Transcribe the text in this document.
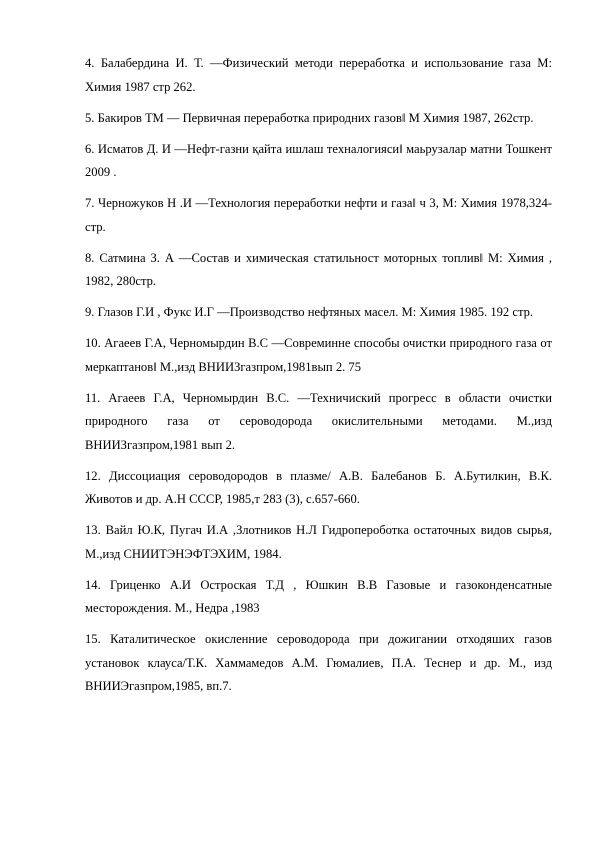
4. Балабердина И. Т. —Физический методи переработка и использование газа М: Химия 1987 стр 262.
5. Бакиров ТМ — Первичная переработка природних газов‖ М Химия 1987, 262стр.
6. Исматов Д. И —Нефт-газни қайта ишлаш техналогиясиǁ маьрузалар матни Тошкент 2009 .
7. Черножуков Н .И —Технология переработки нефти и газа‖ ч 3, М: Химия 1978,324-стр.
8. Сатмина З. А —Состав и химическая статильност моторных топлив‖ М: Химия , 1982, 280стр.
9. Глазов Г.И , Фукс И.Г —Производство нефтяных масел. М: Химия 1985. 192 стр.
10. Агаеев Г.А, Черномырдин В.С —Совреминне способы очистки природного газа от меркаптанов‖ М.,изд ВНИИЗгазпром,1981вып 2. 75
11. Агаеев Г.А, Черномырдин В.С. —Техничиский прогресс в области очистки природного газа от сероводорода окислительными методами. М.,изд ВНИИЗгазпром,1981 вып 2.
12. Диссоциация сероводородов в плазме/ А.В. Балебанов Б. А.Бутилкин, В.К. Животов и др. А.Н СССР, 1985,т 283 (3), с.657-660.
13. Вайл Ю.К, Пугач И.А ,Злотников Н.Л Гидропероботка остаточных видов сырья, М.,изд СНИИТЭНЭФТЭХИМ, 1984.
14. Гриценко А.И Остроская Т.Д , Юшкин В.В Газовые и газоконденсатные месторождения. М., Недра ,1983
15. Каталитическое окисленние сероводорода при дожигании отходяших газов установок клауса/Т.К. Хаммамедов А.М. Гюмалиев, П.А. Теснер и др. М., изд ВНИИЭгазпром,1985, вп.7.
